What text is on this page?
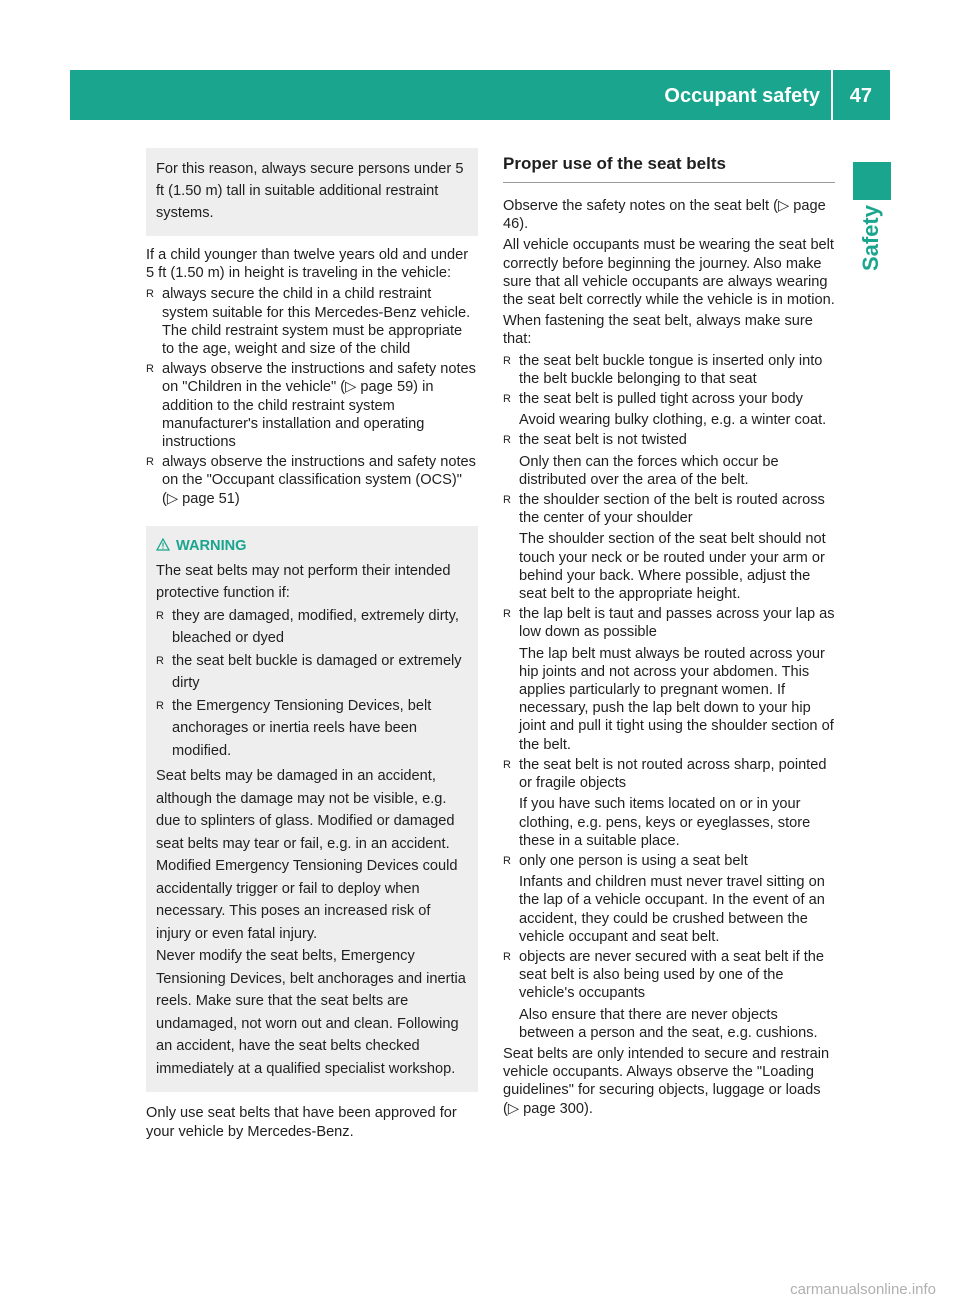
Occupant safety 47
Safety

For this reason, always secure persons under 5 ft (1.50 m) tall in suitable additional restraint systems.

If a child younger than twelve years old and under 5 ft (1.50 m) in height is traveling in the vehicle:

R always secure the child in a child restraint system suitable for this Mercedes-Benz vehicle. The child restraint system must be appropriate to the age, weight and size of the child
R always observe the instructions and safety notes on "Children in the vehicle" (▷ page 59) in addition to the child restraint system manufacturer's installation and operating instructions
R always observe the instructions and safety notes on the "Occupant classification system (OCS)" (▷ page 51)
WARNING

The seat belts may not perform their intended protective function if:

R they are damaged, modified, extremely dirty, bleached or dyed
R the seat belt buckle is damaged or extremely dirty
R the Emergency Tensioning Devices, belt anchorages or inertia reels have been modified.

Seat belts may be damaged in an accident, although the damage may not be visible, e.g. due to splinters of glass. Modified or damaged seat belts may tear or fail, e.g. in an accident. Modified Emergency Tensioning Devices could accidentally trigger or fail to deploy when necessary. This poses an increased risk of injury or even fatal injury.

Never modify the seat belts, Emergency Tensioning Devices, belt anchorages and inertia reels. Make sure that the seat belts are undamaged, not worn out and clean. Following an accident, have the seat belts checked immediately at a qualified specialist workshop.

Only use seat belts that have been approved for your vehicle by Mercedes-Benz.

Proper use of the seat belts

Observe the safety notes on the seat belt (▷ page 46).

All vehicle occupants must be wearing the seat belt correctly before beginning the journey. Also make sure that all vehicle occupants are always wearing the seat belt correctly while the vehicle is in motion.

When fastening the seat belt, always make sure that:

R the seat belt buckle tongue is inserted only into the belt buckle belonging to that seat
R the seat belt is pulled tight across your body
Avoid wearing bulky clothing, e.g. a winter coat.
R the seat belt is not twisted
Only then can the forces which occur be distributed over the area of the belt.
R the shoulder section of the belt is routed across the center of your shoulder
The shoulder section of the seat belt should not touch your neck or be routed under your arm or behind your back. Where possible, adjust the seat belt to the appropriate height.
R the lap belt is taut and passes across your lap as low down as possible
The lap belt must always be routed across your hip joints and not across your abdomen. This applies particularly to pregnant women. If necessary, push the lap belt down to your hip joint and pull it tight using the shoulder section of the belt.
R the seat belt is not routed across sharp, pointed or fragile objects
If you have such items located on or in your clothing, e.g. pens, keys or eyeglasses, store these in a suitable place.
R only one person is using a seat belt
Infants and children must never travel sitting on the lap of a vehicle occupant. In the event of an accident, they could be crushed between the vehicle occupant and seat belt.
R objects are never secured with a seat belt if the seat belt is also being used by one of the vehicle's occupants
Also ensure that there are never objects between a person and the seat, e.g. cushions.

Seat belts are only intended to secure and restrain vehicle occupants. Always observe the "Loading guidelines" for securing objects, luggage or loads (▷ page 300).

carmanualsonline.info
